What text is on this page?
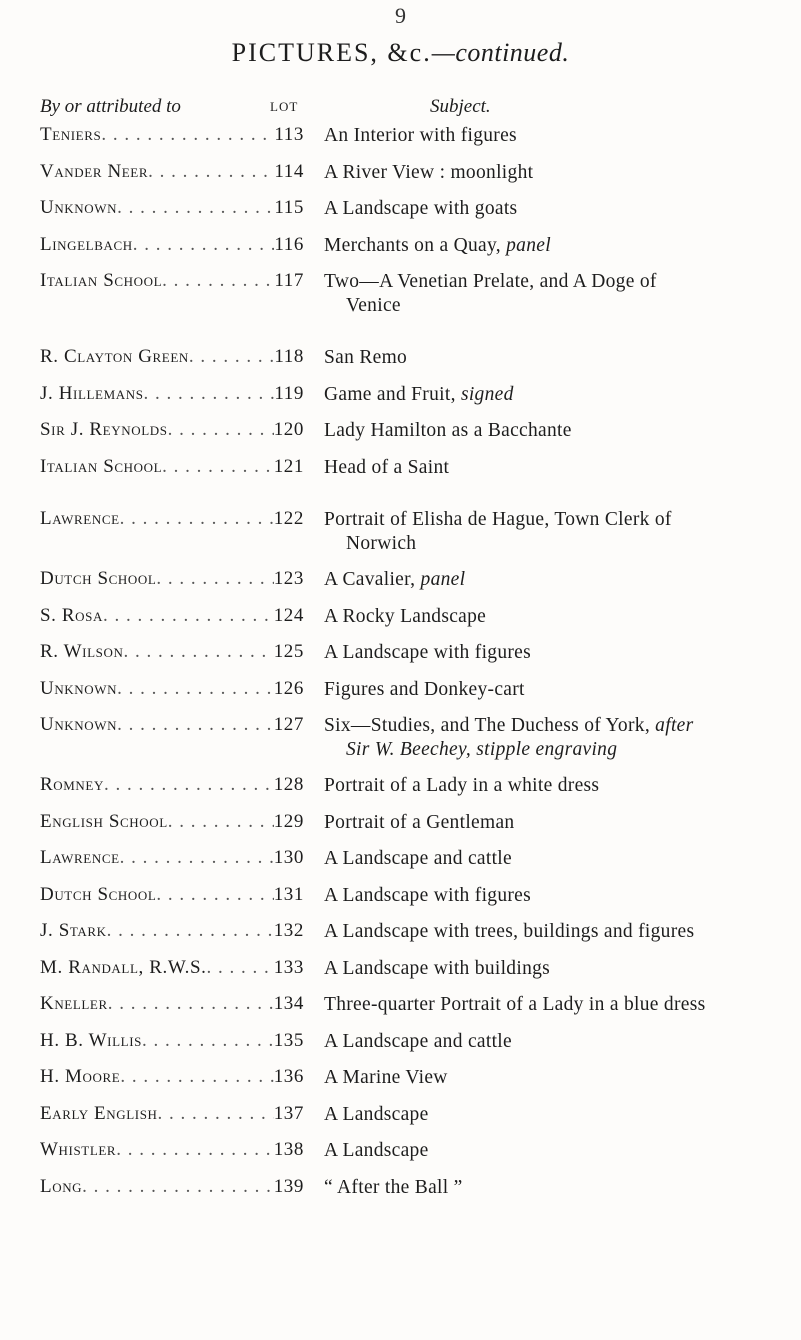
9
PICTURES, &c.—continued.
By or attributed to	LOT	Subject.
Teniers . . .	113 An Interior with figures
Vander Neer . . .	114 A River View : moonlight
Unknown . . .	115 A Landscape with goats
Lingelbach . . .	116 Merchants on a Quay, panel
Italian School . . .	117 Two—A Venetian Prelate, and A Doge of
Venice
R. Clayton Green . . .	118 San Remo
J. Hillemans . . .	119 Game and Fruit, signed
Sir J. Reynolds . . .	120 Lady Hamilton as a Bacchante
Italian School . . .	121 Head of a Saint
Lawrence . . .	122 Portrait of Elisha de Hague, Town Clerk of
Norwich
Dutch School . . .	123 A Cavalier, panel
S. Rosa . . .	124 A Rocky Landscape
R. Wilson . . .	125 A Landscape with figures
Unknown . . .	126 Figures and Donkey-cart
Unknown . . .	127 Six—Studies, and The Duchess of York, after
Sir W. Beechey, stipple engraving
Romney . . .	128 Portrait of a Lady in a white dress
English School . . .	129 Portrait of a Gentleman
Lawrence . . .	130 A Landscape and cattle
Dutch School . . .	131 A Landscape with figures
J. Stark . . .	132 A Landscape with trees, buildings and figures
M. Randall, R.W.S. . . .	133 A Landscape with buildings
Kneller . . .	134 Three-quarter Portrait of a Lady in a blue dress
H. B. Willis . . .	135 A Landscape and cattle
H. Moore . . .	136 A Marine View
Early English . . .	137 A Landscape
Whistler . . .	138 A Landscape
Long . . .	139 “ After the Ball ”
